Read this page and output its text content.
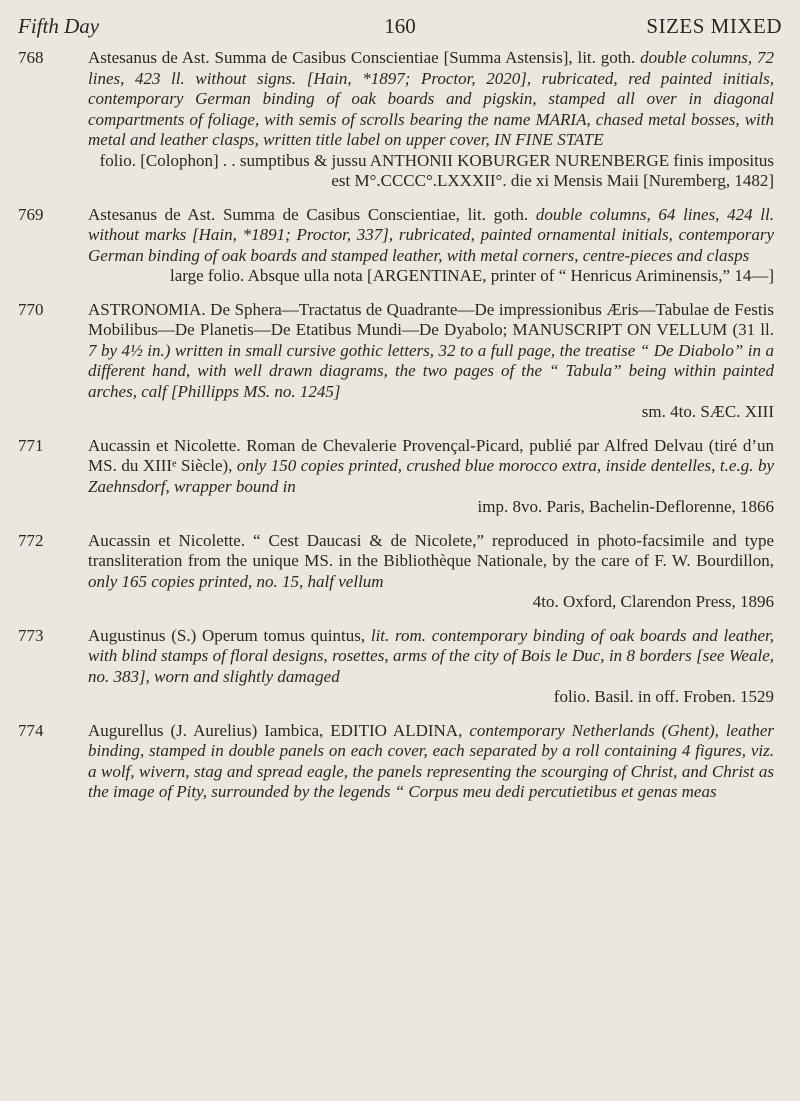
Fifth Day	160	SIZES MIXED
768	Astesanus de Ast. Summa de Casibus Conscientiae [Summa Astensis], lit. goth. double columns, 72 lines, 423 ll. without signs. [Hain, *1897; Proctor, 2020], rubricated, red painted initials, contemporary German binding of oak boards and pigskin, stamped all over in diagonal compartments of foliage, with semis of scrolls bearing the name MARIA, chased metal bosses, with metal and leather clasps, written title label on upper cover, IN FINE STATE
folio. [Colophon] . . sumptibus & jussu ANTHONII KOBURGER NURENBERGE finis impositus est M°.CCCC°.LXXXII°. die xi Mensis Maii [Nuremberg, 1482]
769	Astesanus de Ast. Summa de Casibus Conscientiae, lit. goth. double columns, 64 lines, 424 ll. without marks [Hain, *1891; Proctor, 337], rubricated, painted ornamental initials, contemporary German binding of oak boards and stamped leather, with metal corners, centre-pieces and clasps
large folio. Absque ulla nota [ARGENTINAE, printer of “ Henricus Ariminensis,” 14—]
770	ASTRONOMIA. De Sphera—Tractatus de Quadrante—De impressionibus Æris—Tabulae de Festis Mobilibus—De Planetis—De Etatibus Mundi—De Dyabolo; MANUSCRIPT ON VELLUM (31 ll. 7 by 4½ in.) written in small cursive gothic letters, 32 to a full page, the treatise “ De Diabolo” in a different hand, with well drawn diagrams, the two pages of the “ Tabula” being within painted arches, calf [Phillipps MS. no. 1245]
sm. 4to. SÆC. XIII
771	Aucassin et Nicolette. Roman de Chevalerie Provençal-Picard, publié par Alfred Delvau (tiré d’un MS. du XIIIᵉ Siècle), only 150 copies printed, crushed blue morocco extra, inside dentelles, t.e.g. by Zaehnsdorf, wrapper bound in
imp. 8vo. Paris, Bachelin-Deflorenne, 1866
772	Aucassin et Nicolette. “ Cest Daucasi & de Nicolete,” reproduced in photo-facsimile and type transliteration from the unique MS. in the Bibliothèque Nationale, by the care of F. W. Bourdillon, only 165 copies printed, no. 15, half vellum
4to. Oxford, Clarendon Press, 1896
773	Augustinus (S.) Operum tomus quintus, lit. rom. contemporary binding of oak boards and leather, with blind stamps of floral designs, rosettes, arms of the city of Bois le Duc, in 8 borders [see Weale, no. 383], worn and slightly damaged
folio. Basil. in off. Froben. 1529
774	Augurellus (J. Aurelius) Iambica, EDITIO ALDINA, contemporary Netherlands (Ghent), leather binding, stamped in double panels on each cover, each separated by a roll containing 4 figures, viz. a wolf, wivern, stag and spread eagle, the panels representing the scourging of Christ, and Christ as the image of Pity, surrounded by the legends “ Corpus meu dedi percutietibus et genas meas
